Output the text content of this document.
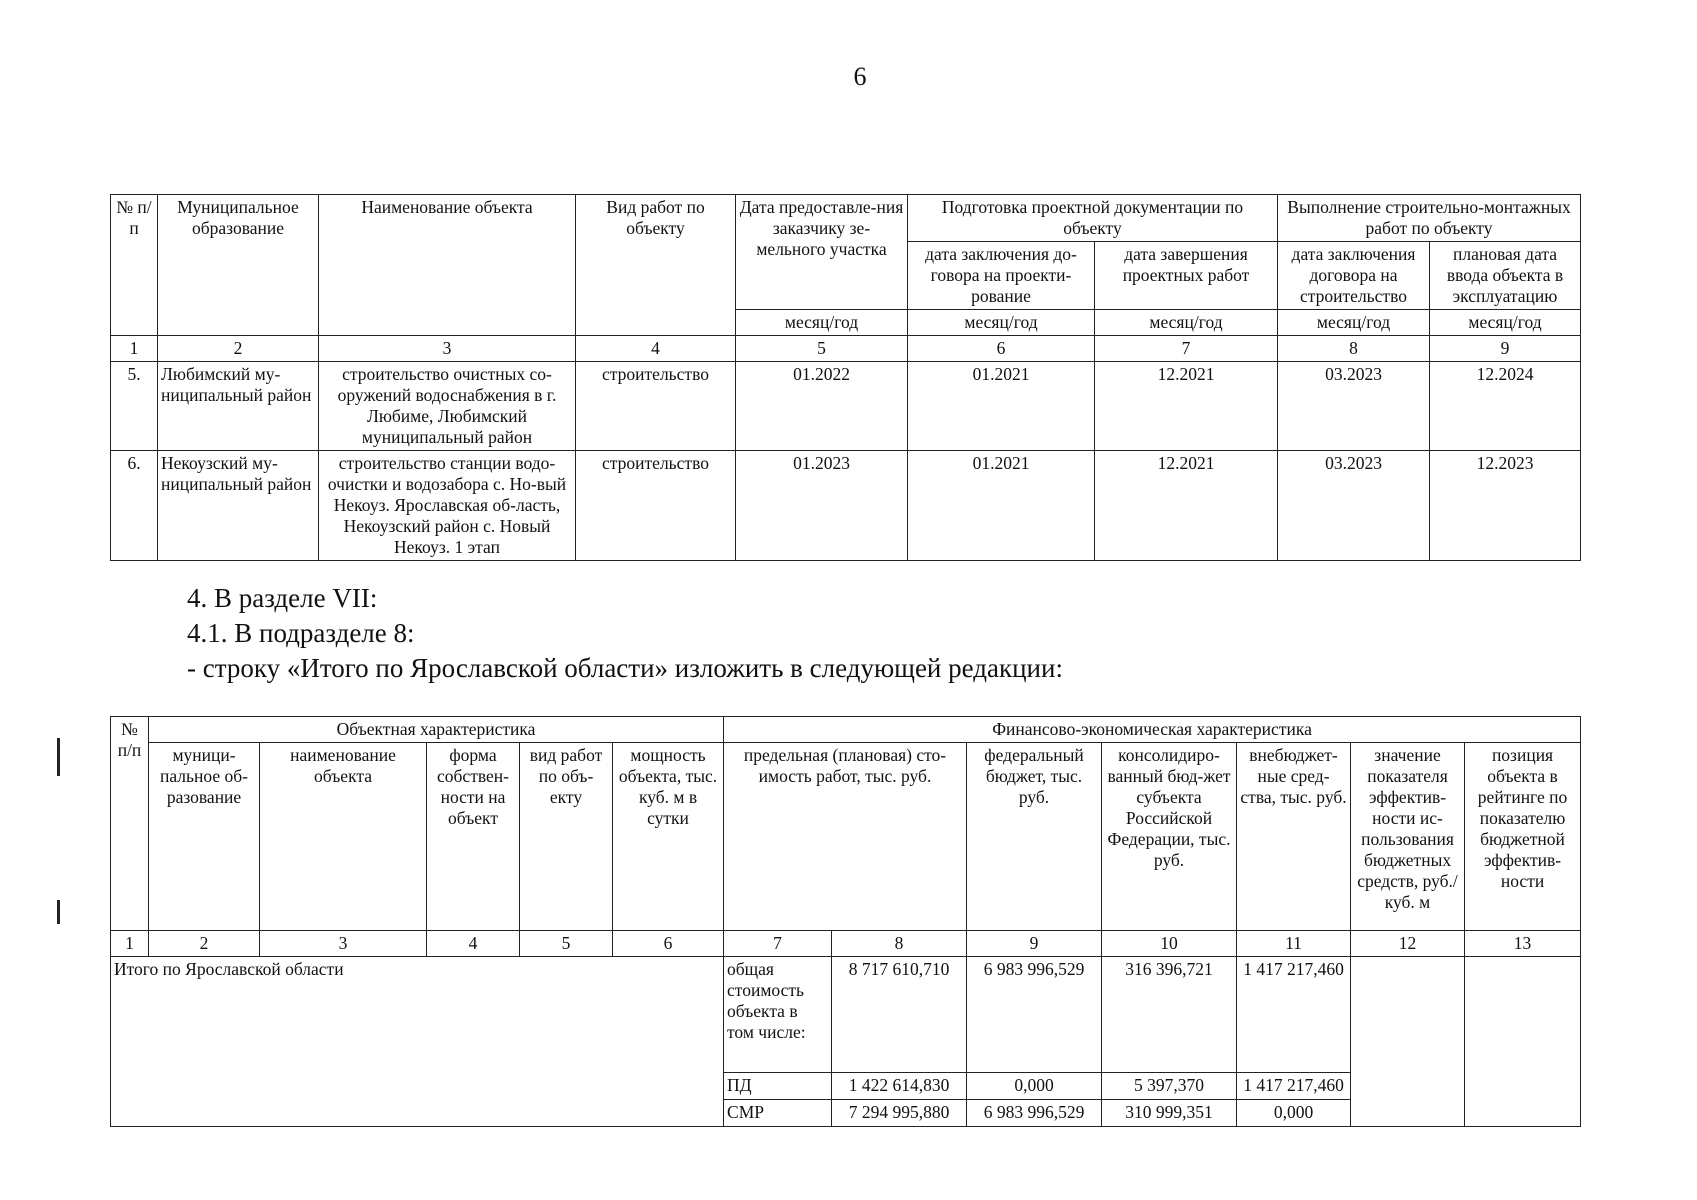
6
№ п/п	Муниципальное образование	Наименование объекта	Вид работ по объекту	Дата предоставле-ния заказчику зе-мельного участка	Подготовка проектной документации по объекту		Выполнение строительно-монтажных работ по объекту	
					дата заключения до-говора на проекти-рование	дата завершения проектных работ	дата заключения договора на строительство	плановая дата ввода объекта в эксплуатацию
				месяц/год	месяц/год	месяц/год	месяц/год	месяц/год
1	2	3	4	5	6	7	8	9
5.	Любимский му-ниципальный район	строительство очистных со-оружений водоснабжения в г. Любиме, Любимский муниципальный район	строительство	01.2022	01.2021	12.2021	03.2023	12.2024
6.	Некоузский му-ниципальный район	строительство станции водо-очистки и водозабора с. Но-вый Некоуз. Ярославская об-ласть, Некоузский район с. Новый Некоуз. 1 этап	строительство	01.2023	01.2021	12.2021	03.2023	12.2023
4. В разделе VII:
4.1. В подразделе 8:
- строку «Итого по Ярославской области» изложить в следующей редакции:
№ п/п	Объектная характеристика					Финансово-экономическая характеристика						
	муници-пальное об-разование	наименование объекта	форма собствен-ности на объект	вид работ по объ-екту	мощность объекта, тыс. куб. м в сутки	предельная (плановая) сто-имость работ, тыс. руб.		федеральный бюджет, тыс. руб.	консолидиро-ванный бюд-жет субъекта Российской Федерации, тыс. руб.	внебюджет-ные сред-ства, тыс. руб.	значение показателя эффектив-ности ис-пользования бюджетных средств, руб./куб. м	позиция объекта в рейтинге по показателю бюджетной эффектив-ности
1	2	3	4	5	6	7	8	9	10	11	12	13
Итого по Ярославской области						общая стоимость объекта в том числе:	8 717 610,710	6 983 996,529	316 396,721	1 417 217,460		
						ПД	1 422 614,830	0,000	5 397,370	1 417 217,460		
						СМР	7 294 995,880	6 983 996,529	310 999,351	0,000		
